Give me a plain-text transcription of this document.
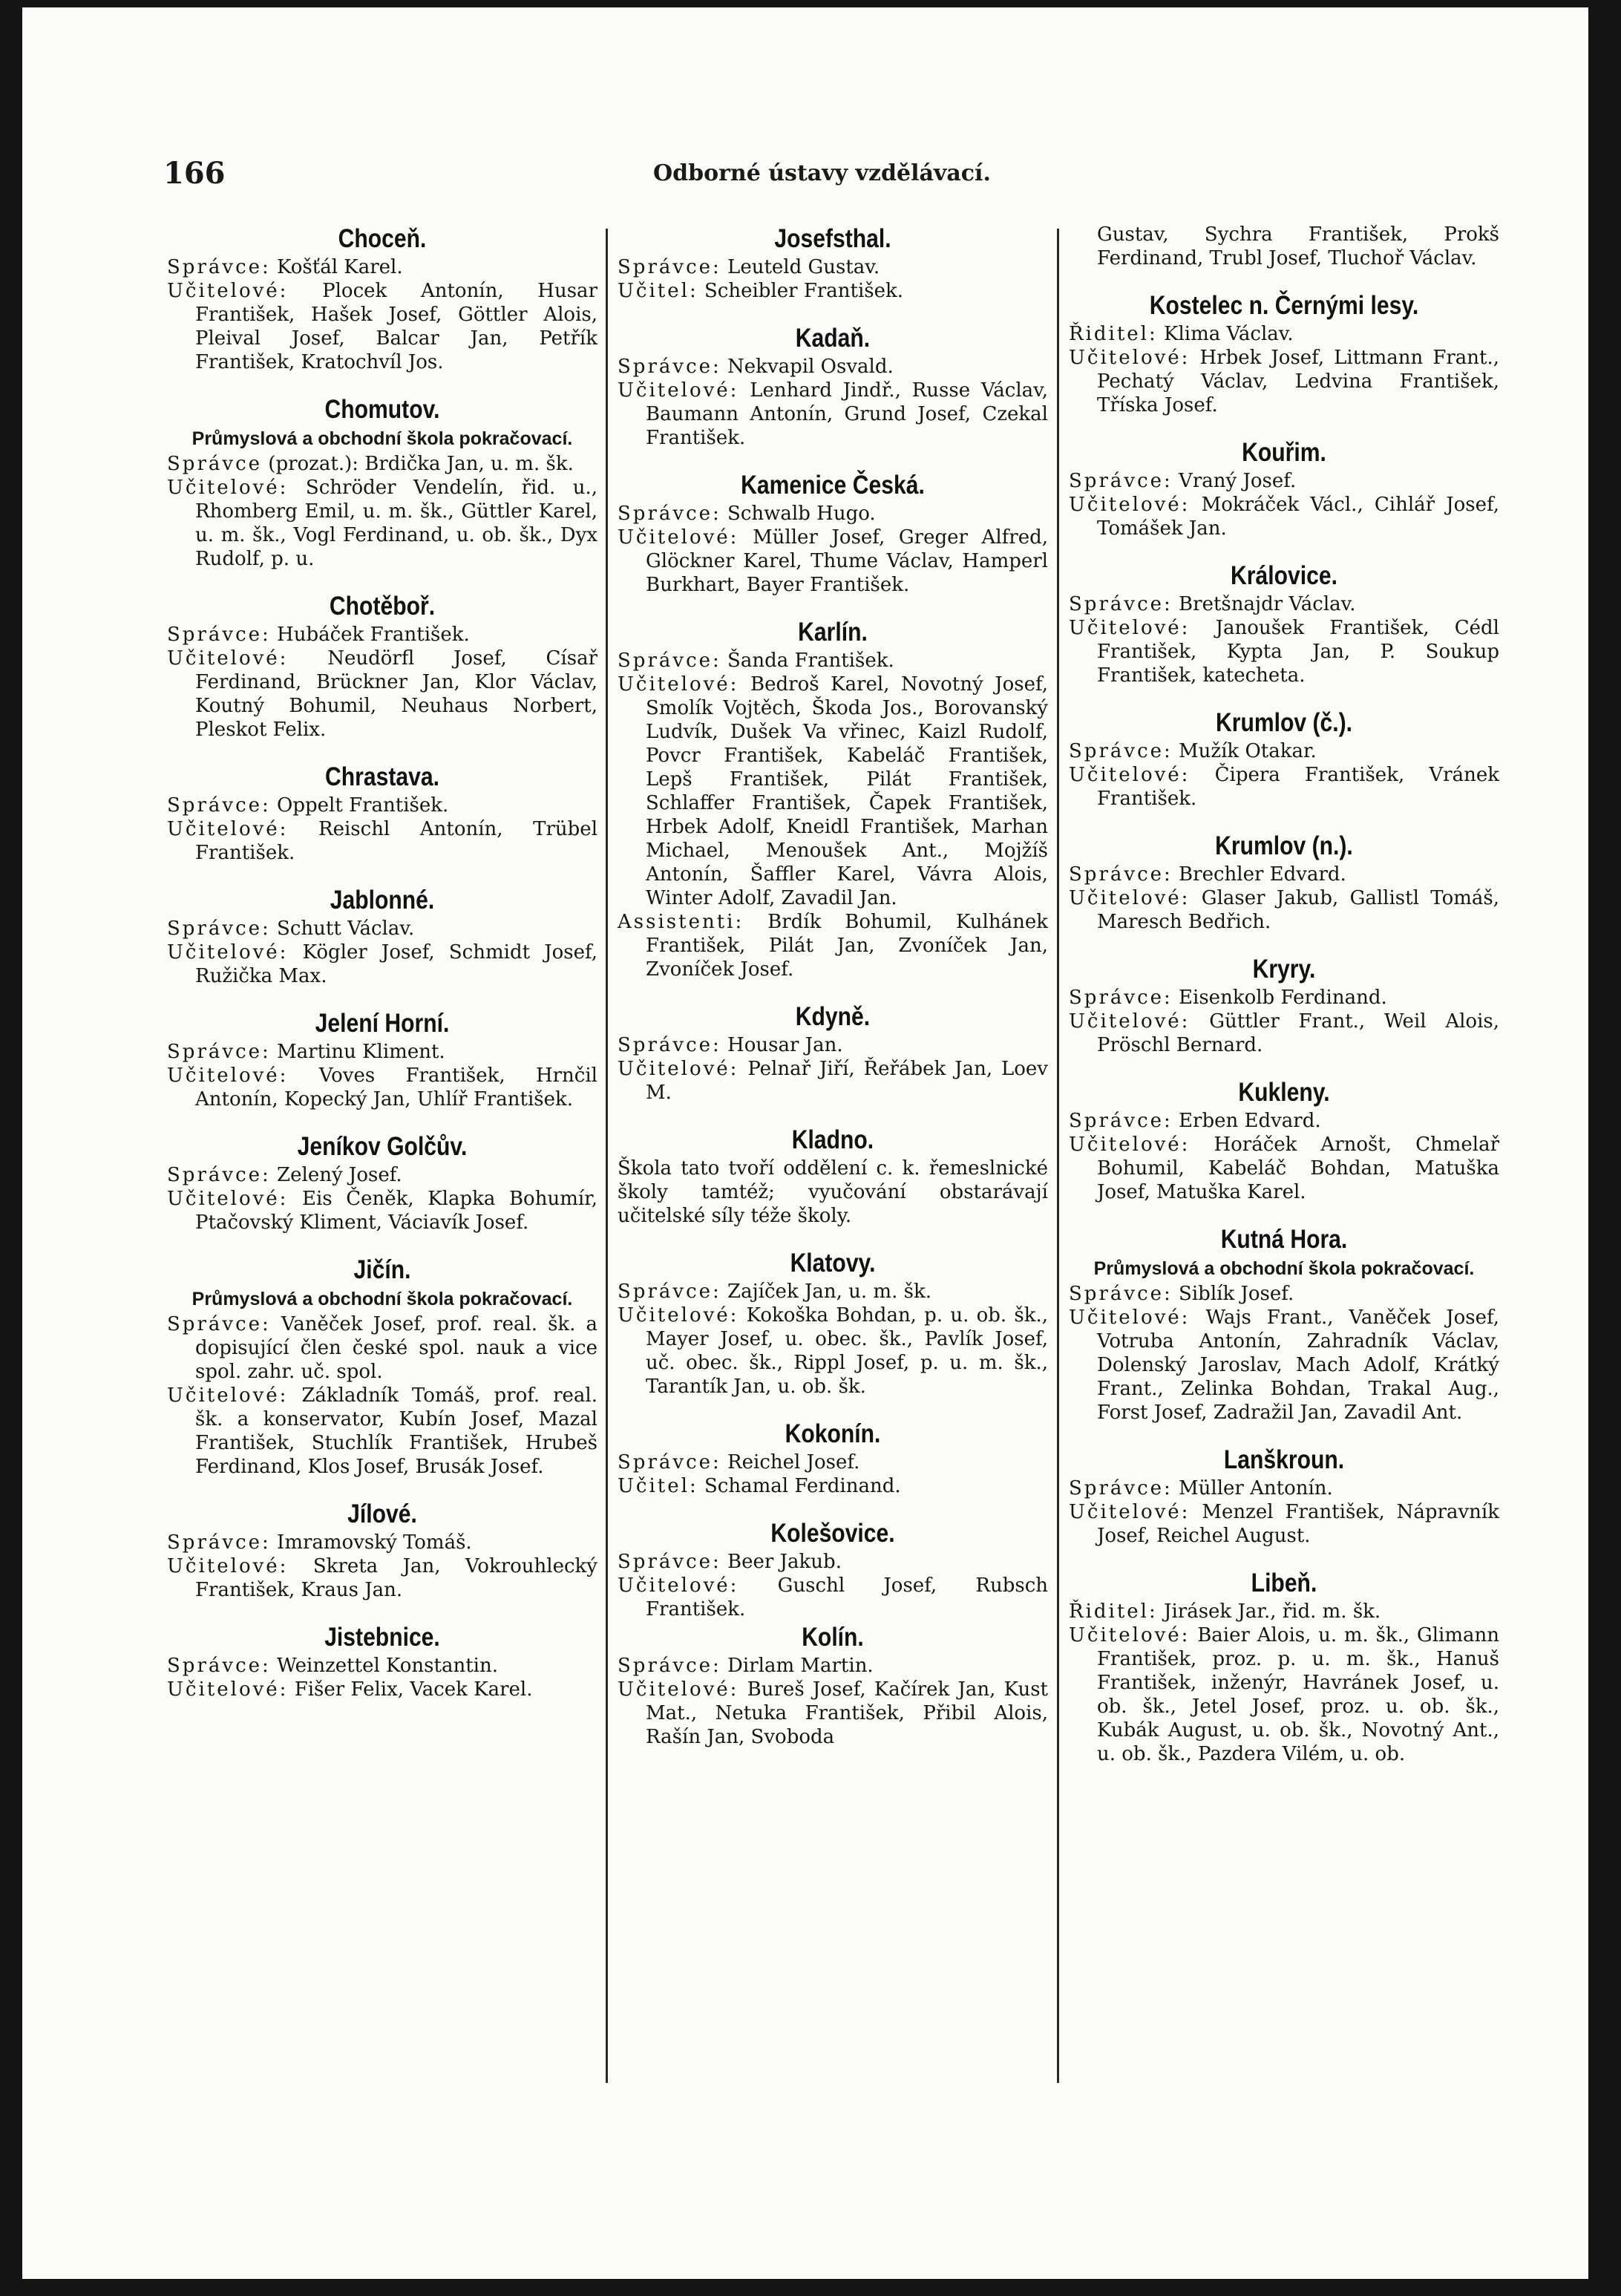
166	Odborné ústavy vzdělávací.
Choceň.

Správce: Košťál Karel.

Učitelové: Plocek Antonín, Husar František, Hašek Josef, Göttler Alois, Pleival Josef, Balcar Jan, Petřík František, Kratochvíl Jos.

Chomutov.
Průmyslová a obchodní škola pokračovací.

Správce (prozat.): Brdička Jan, u. m. šk.

Učitelové: Schröder Vendelín, řid. u., Rhomberg Emil, u. m. šk., Güttler Karel, u. m. šk., Vogl Ferdinand, u. ob. šk., Dyx Rudolf, p. u.

Chotěboř.

Správce: Hubáček František.

Učitelové: Neudörfl Josef, Císař Ferdinand, Brückner Jan, Klor Václav, Koutný Bohumil, Neuhaus Norbert, Pleskot Felix.

Chrastava.

Správce: Oppelt František.

Učitelové: Reischl Antonín, Trübel František.

Jablonné.

Správce: Schutt Václav.

Učitelové: Kögler Josef, Schmidt Josef, Ružička Max.

Jelení Horní.

Správce: Martinu Kliment.

Učitelové: Voves František, Hrnčil Antonín, Kopecký Jan, Uhlíř František.

Jeníkov Golčův.

Správce: Zelený Josef.

Učitelové: Eis Čeněk, Klapka Bohumír, Ptačovský Kliment, Váciavík Josef.

Jičín.
Průmyslová a obchodní škola pokračovací.

Správce: Vaněček Josef, prof. real. šk. a dopisující člen české spol. nauk a vice spol. zahr. uč. spol.

Učitelové: Základník Tomáš, prof. real. šk. a konservator, Kubín Josef, Mazal František, Stuchlík František, Hrubeš Ferdinand, Klos Josef, Brusák Josef.

Jílové.

Správce: Imramovský Tomáš.

Učitelové: Skreta Jan, Vokrouhlecký František, Kraus Jan.

Jistebnice.

Správce: Weinzettel Konstantin.

Učitelové: Fišer Felix, Vacek Karel.

Josefsthal.

Správce: Leuteld Gustav.

Učitel: Scheibler František.

Kadaň.

Správce: Nekvapil Osvald.

Učitelové: Lenhard Jindř., Russe Václav, Baumann Antonín, Grund Josef, Czekal František.

Kamenice Česká.

Správce: Schwalb Hugo.

Učitelové: Müller Josef, Greger Alfred, Glöckner Karel, Thume Václav, Hamperl Burkhart, Bayer František.

Karlín.

Správce: Šanda František.

Učitelové: Bedroš Karel, Novotný Josef, Smolík Vojtěch, Škoda Jos., Borovanský Ludvík, Dušek Va vřinec, Kaizl Rudolf, Povcr František, Kabeláč František, Lepš František, Pilát František, Schlaffer František, Čapek František, Hrbek Adolf, Kneidl František, Marhan Michael, Menoušek Ant., Mojžíš Antonín, Šaffler Karel, Vávra Alois, Winter Adolf, Zavadil Jan.

Assistenti: Brdík Bohumil, Kulhánek František, Pilát Jan, Zvoníček Jan, Zvoníček Josef.

Kdyně.

Správce: Housar Jan.

Učitelové: Pelnař Jiří, Řeřábek Jan, Loev M.

Kladno.

Škola tato tvoří oddělení c. k. řemeslnické školy tamtéž; vyučování obstarávají učitelské síly téže školy.

Klatovy.

Správce: Zajíček Jan, u. m. šk.

Učitelové: Kokoška Bohdan, p. u. ob. šk., Mayer Josef, u. obec. šk., Pavlík Josef, uč. obec. šk., Rippl Josef, p. u. m. šk., Tarantík Jan, u. ob. šk.

Kokonín.

Správce: Reichel Josef.

Učitel: Schamal Ferdinand.

Kolešovice.

Správce: Beer Jakub.

Učitelové: Guschl Josef, Rubsch František.

Kolín.

Správce: Dirlam Martin.

Učitelové: Bureš Josef, Kačírek Jan, Kust Mat., Netuka František, Přibil Alois, Rašín Jan, Svoboda

Gustav, Sychra František, Prokš Ferdinand, Trubl Josef, Tluchoř Václav.

Kostelec n. Černými lesy.

Řiditel: Klima Václav.

Učitelové: Hrbek Josef, Littmann Frant., Pechatý Václav, Ledvina František, Tříska Josef.

Kouřim.

Správce: Vraný Josef.

Učitelové: Mokráček Václ., Cihlář Josef, Tomášek Jan.

Královice.

Správce: Bretšnajdr Václav.

Učitelové: Janoušek František, Cédl František, Kypta Jan, P. Soukup František, katecheta.

Krumlov (č.).

Správce: Mužík Otakar.

Učitelové: Čipera František, Vránek František.

Krumlov (n.).

Správce: Brechler Edvard.

Učitelové: Glaser Jakub, Gallistl Tomáš, Maresch Bedřich.

Kryry.

Správce: Eisenkolb Ferdinand.

Učitelové: Güttler Frant., Weil Alois, Pröschl Bernard.

Kukleny.

Správce: Erben Edvard.

Učitelové: Horáček Arnošt, Chmelař Bohumil, Kabeláč Bohdan, Matuška Josef, Matuška Karel.

Kutná Hora.
Průmyslová a obchodní škola pokračovací.

Správce: Siblík Josef.

Učitelové: Wajs Frant., Vaněček Josef, Votruba Antonín, Zahradník Václav, Dolenský Jaroslav, Mach Adolf, Krátký Frant., Zelinka Bohdan, Trakal Aug., Forst Josef, Zadražil Jan, Zavadil Ant.

Lanškroun.

Správce: Müller Antonín.

Učitelové: Menzel František, Nápravník Josef, Reichel August.

Libeň.

Řiditel: Jirásek Jar., řid. m. šk.

Učitelové: Baier Alois, u. m. šk., Glimann František, proz. p. u. m. šk., Hanuš František, inženýr, Havránek Josef, u. ob. šk., Jetel Josef, proz. u. ob. šk., Kubák August, u. ob. šk., Novotný Ant., u. ob. šk., Pazdera Vilém, u. ob.
